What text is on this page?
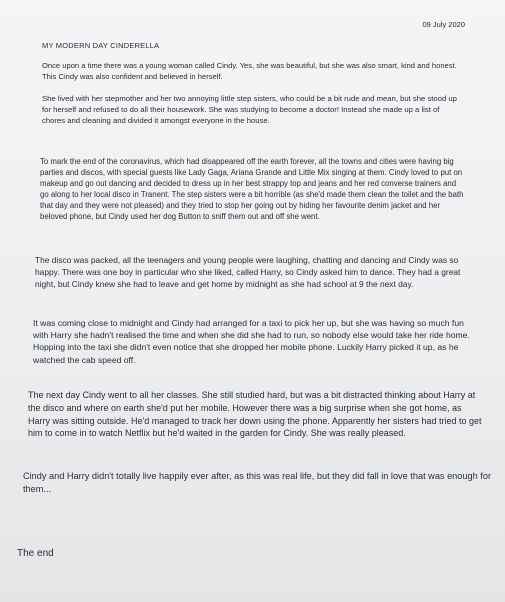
09 July 2020
MY MODERN DAY CINDERELLA

Once upon a time there was a young woman called Cindy. Yes, she was beautiful, but she was also smart, kind and honest. This Cindy was also confident and believed in herself.

She lived with her stepmother and her two annoying little step sisters, who could be a bit rude and mean, but she stood up for herself and refused to do all their housework. She was studying to become a doctor! Instead she made up a list of chores and cleaning and divided it amongst everyone in the house.

To mark the end of the coronavirus, which had disappeared off the earth forever, all the towns and cities were having big parties and discos, with special guests like Lady Gaga, Ariana Grande and Little Mix singing at them. Cindy loved to put on makeup and go out dancing and decided to dress up in her best strappy top and jeans and her red converse trainers and go along to her local disco in Tranent. The step sisters were a bit horrible (as she'd made them clean the toilet and the bath that day and they were not pleased) and they tried to stop her going out by hiding her favourite denim jacket and her beloved phone, but Cindy used her dog Button to sniff them out and off she went.

The disco was packed, all the teenagers and young people were laughing, chatting and dancing and Cindy was so happy. There was one boy in particular who she liked, called Harry, so Cindy asked him to dance. They had a great night, but Cindy knew she had to leave and get home by midnight as she had school at 9 the next day.

It was coming close to midnight and Cindy had arranged for a taxi to pick her up, but she was having so much fun with Harry she hadn't realised the time and when she did she had to run, so nobody else would take her ride home. Hopping into the taxi she didn't even notice that she dropped her mobile phone. Luckily Harry picked it up, as he watched the cab speed off.

The next day Cindy went to all her classes. She still studied hard, but was a bit distracted thinking about Harry at the disco and where on earth she'd put her mobile. However there was a big surprise when she got home, as Harry was sitting outside. He'd managed to track her down using the phone. Apparently her sisters had tried to get him to come in to watch Netflix but he'd waited in the garden for Cindy. She was really pleased.

Cindy and Harry didn't totally live happily ever after, as this was real life, but they did fall in love that was enough for them...

The end
